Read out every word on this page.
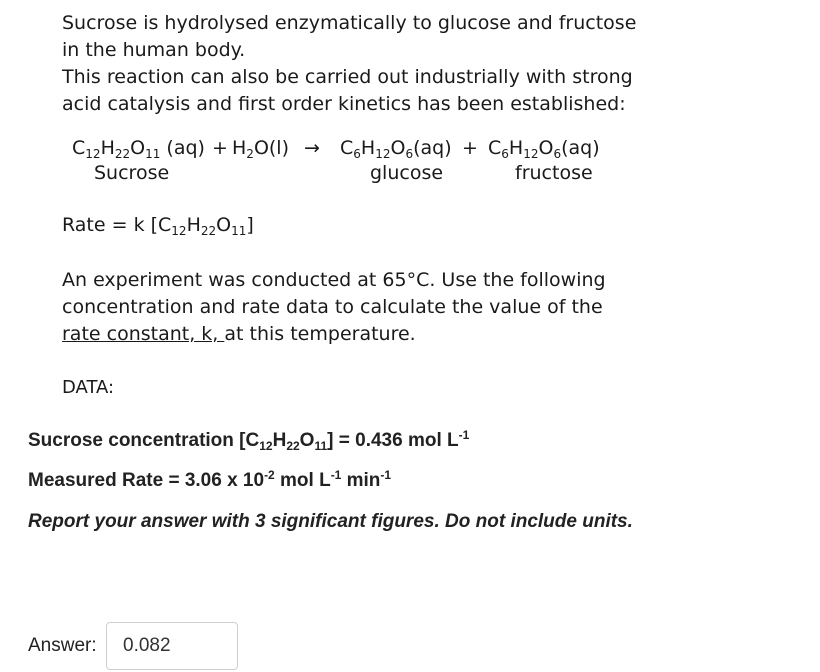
Sucrose is hydrolysed enzymatically to glucose and fructose

in the human body.

This reaction can also be carried out industrially with strong

acid catalysis and first order kinetics has been established:

$C_{12}H_{22}O_{11}$ $(aq) + H_2O(l) \to C_6H_{12}O_6(aq) + C_6H_{12}O_6(aq)$
Sucrose	glucose	fructose
Rate = k $[C_{12}H_{22}O_{11}]$

An experiment was conducted at 65°C. Use the following

concentration and rate data to calculate the value of the

rate constant, k, at this temperature.

DATA:
Sucrose concentration $[C_{12}H_{22}O_{11}] = 0.436$ mol $L^{-1}$
Measured Rate = 3.06 x $10^{-2}$ mol $L^{-1}$ $\min^{-1}$
Report your answer with 3 significant figures. Do not include units.
Answer:
0.082
